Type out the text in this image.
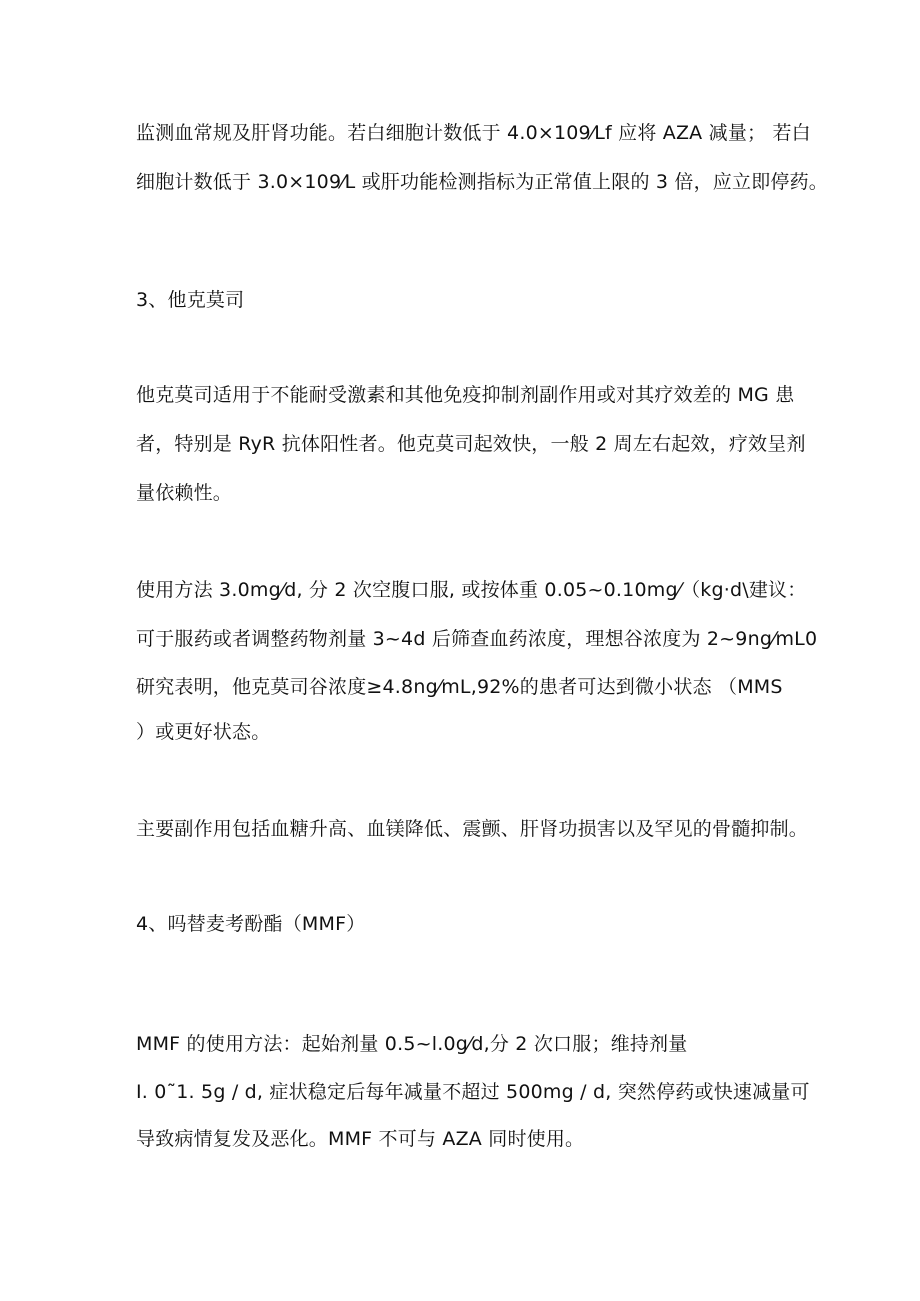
监测血常规及肝肾功能。若白细胞计数低于 4.0×109⁄Lf 应将 AZA 减量； 若白
细胞计数低于 3.0×109⁄L 或肝功能检测指标为正常值上限的 3 倍，应立即停药。
3、他克莫司
他克莫司适用于不能耐受激素和其他免疫抑制剂副作用或对其疗效差的 MG 患
者，特别是 RyR 抗体阳性者。他克莫司起效快，一般 2 周左右起效，疗效呈剂
量依赖性。
使用方法 3.0mg⁄d, 分 2 次空腹口服, 或按体重 0.05~0.10mg⁄（kg·d\建议：
可于服药或者调整药物剂量 3~4d 后筛查血药浓度，理想谷浓度为 2~9ng⁄mL0
研究表明，他克莫司谷浓度≥4.8ng⁄mL,92%的患者可达到微小状态 （MMS
）或更好状态。
主要副作用包括血糖升高、血镁降低、震颤、肝肾功损害以及罕见的骨髓抑制。
4、吗替麦考酚酯（MMF）
MMF 的使用方法：起始剂量 0.5~l.0g⁄d,分 2 次口服；维持剂量
I. 0˜1. 5g / d, 症状稳定后每年减量不超过 500mg / d, 突然停药或快速减量可
导致病情复发及恶化。MMF 不可与 AZA 同时使用。
